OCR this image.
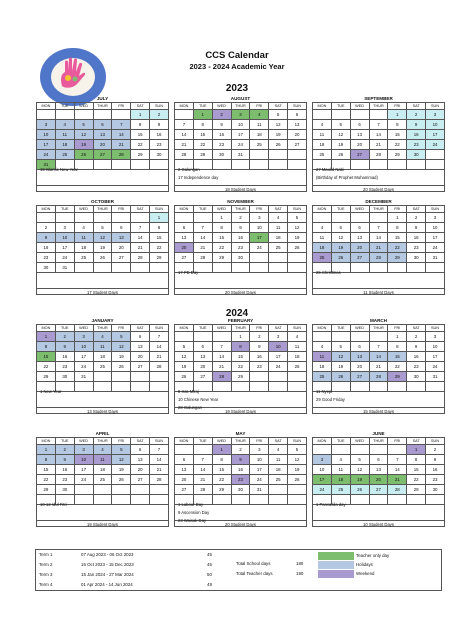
CCS Calendar
2023 - 2024 Academic Year
2023
2024
JULY
MON	TUE	WED	THUR	FRI	SAT	SUN
					1	2
3	4	5	6	7	8	9
10	11	12	13	14	15	16
17	18	19	20	21	22	23
24	25	26	27	28	29	30
31						
19 Islamic New Year
AUGUST
MON	TUE	WED	THUR	FRI	SAT	SUN
	1	2	3	4	5	6
7	8	9	10	11	12	13
14	15	16	17	18	19	20
21	22	23	24	25	26	27
28	29	30	31			

2 Galungan
17 Independence day
18 Student Days
SEPTEMBER
MON	TUE	WED	THUR	FRI	SAT	SUN
				1	2	3
4	5	6	7	8	9	10
11	12	13	14	15	16	17
18	19	20	21	22	23	24
25	26	27	28	29	30	

27 Maulid Nabi
(Birthday of Prophet Muhammad)
20 Student Days
OCTOBER
MON	TUE	WED	THUR	FRI	SAT	SUN
						1
2	3	4	5	6	7	8
9	10	11	12	13	14	15
16	17	18	19	20	21	22
23	24	25	26	27	28	29
30	31					
17 Student Days
NOVEMBER
MON	TUE	WED	THUR	FRI	SAT	SUN
		1	2	3	4	5
6	7	8	9	10	11	12
13	14	15	16	17	18	19
20	21	22	23	24	25	26
27	28	29	30			

17 PD Day
20 Student Days
DECEMBER
MON	TUE	WED	THUR	FRI	SAT	SUN
				1	2	3
4	5	6	7	8	9	10
11	12	13	14	15	16	17
18	19	20	21	22	23	24
25	26	27	28	29	30	31

25 Christmas
11 Student Days
JANUARY
MON	TUE	WED	THUR	FRI	SAT	SUN
1	2	3	4	5	6	7
8	9	10	11	12	13	14
15	16	17	18	19	20	21
22	23	24	25	26	27	28
29	30	31				

1 New Year
13 Student Days
FEBRUARY
MON	TUE	WED	THUR	FRI	SAT	SUN
			1	2	3	4
5	6	7	8	9	10	11
12	13	14	15	16	17	18
19	20	21	22	23	24	25
26	27	28	29			

8 Isra Miraj
10 Chinese New Year
28 Galungan
19 Student Days
MARCH
MON	TUE	WED	THUR	FRI	SAT	SUN
				1	2	3
4	5	6	7	8	9	10
11	12	13	14	15	16	17
18	19	20	21	22	23	24
25	26	27	28	29	30	31

11 Nyepi
29 Good Friday
15 Student Days
APRIL
MON	TUE	WED	THUR	FRI	SAT	SUN
1	2	3	4	5	6	7
8	9	10	11	12	13	14
15	16	17	18	19	20	21
22	23	24	25	26	27	28
29	30					

10-12 Idul Fitri
19 Student Days
MAY
MON	TUE	WED	THUR	FRI	SAT	SUN
		1	2	3	4	5
6	7	8	9	10	11	12
13	14	15	16	17	18	19
20	21	22	23	24	25	26
27	28	29	30	31		

1 Labour Day
9 Ascension Day
23 Waisak Day
20 Student Days
JUNE
MON	TUE	WED	THUR	FRI	SAT	SUN
					1	2
3	4	5	6	7	8	9
10	11	12	13	14	15	16
17	18	19	20	21	22	23
24	25	26	27	28	29	30

1 Pancasila day
10 Student Days
Term 1	07 Aug 2023 - 06 Oct 2023	45
Term 2	16 Oct 2023 - 15 Dec 2023	45
Term 3	15 Jan 2024 - 27 Mar 2024	50
Term 4	01 Apr 2024 - 14 Jun 2024	49
Total School days	180
Total Teacher days	190
Teacher only day
Holidays
Weekend
